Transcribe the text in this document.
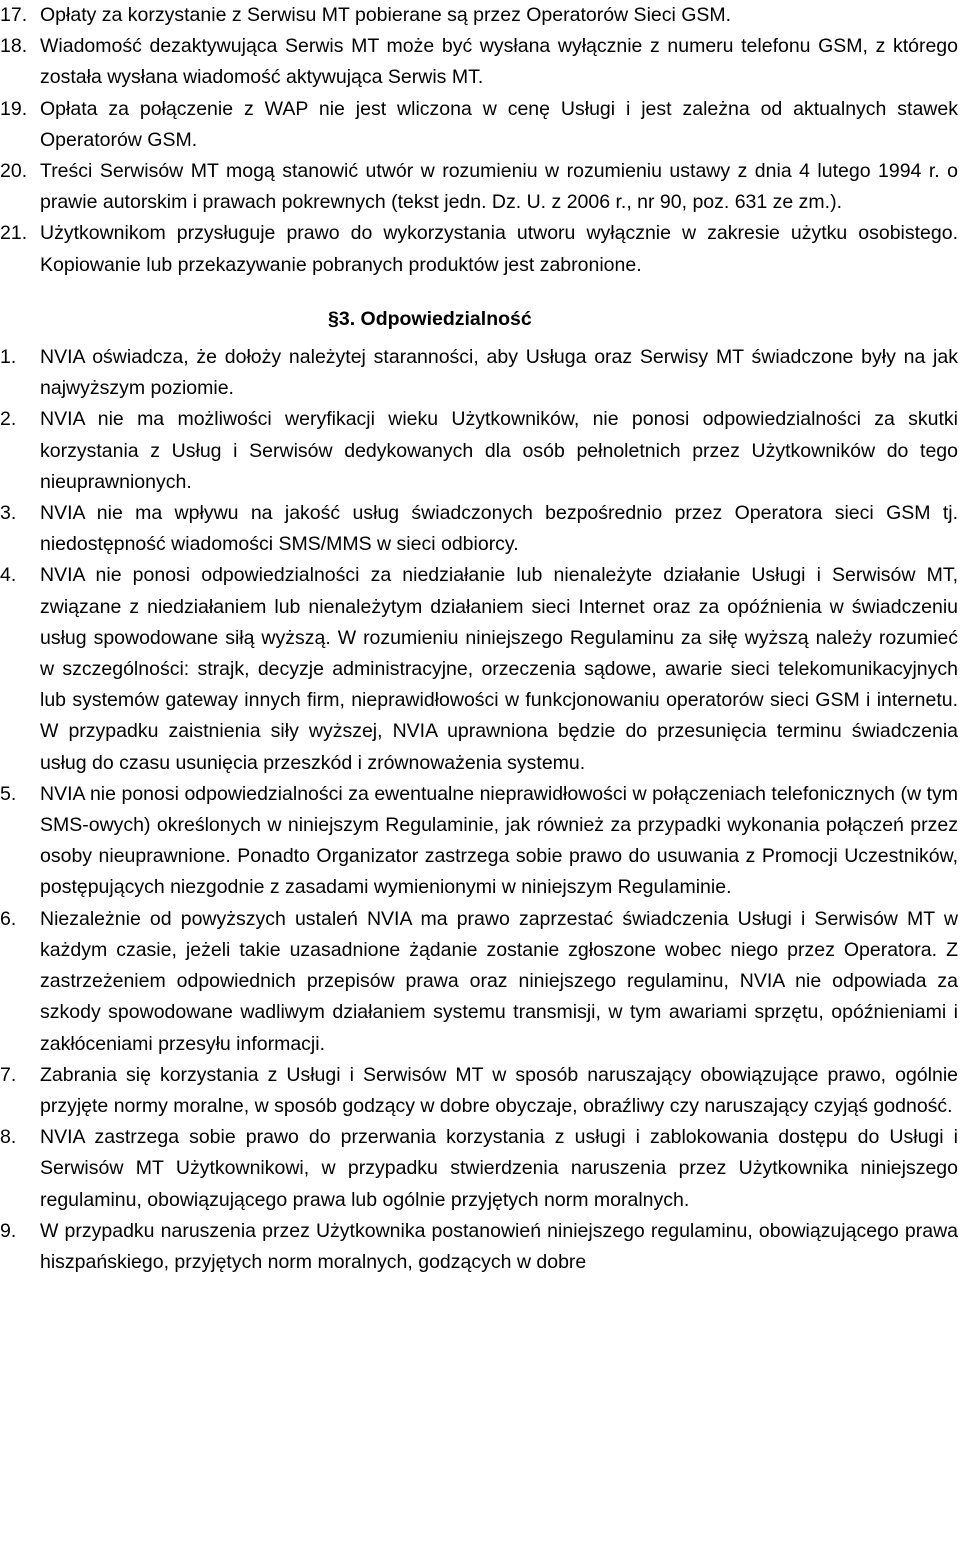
17. Opłaty za korzystanie z Serwisu MT pobierane są przez Operatorów Sieci GSM.
18. Wiadomość dezaktywująca Serwis MT może być wysłana wyłącznie z numeru telefonu GSM, z którego została wysłana wiadomość aktywująca Serwis MT.
19. Opłata za połączenie z WAP nie jest wliczona w cenę Usługi i jest zależna od aktualnych stawek Operatorów GSM.
20. Treści Serwisów MT mogą stanowić utwór w rozumieniu w rozumieniu ustawy z dnia 4 lutego 1994 r. o prawie autorskim i prawach pokrewnych (tekst jedn. Dz. U. z 2006 r., nr 90, poz. 631 ze zm.).
21. Użytkownikom przysługuje prawo do wykorzystania utworu wyłącznie w zakresie użytku osobistego. Kopiowanie lub przekazywanie pobranych produktów jest zabronione.
§3. Odpowiedzialność
1. NVIA oświadcza, że dołoży należytej staranności, aby Usługa oraz Serwisy MT świadczone były na jak najwyższym poziomie.
2. NVIA nie ma możliwości weryfikacji wieku Użytkowników, nie ponosi odpowiedzialności za skutki korzystania z Usług i Serwisów dedykowanych dla osób pełnoletnich przez Użytkowników do tego nieuprawnionych.
3. NVIA nie ma wpływu na jakość usług świadczonych bezpośrednio przez Operatora sieci GSM tj. niedostępność wiadomości SMS/MMS w sieci odbiorcy.
4. NVIA nie ponosi odpowiedzialności za niedziałanie lub nienależyte działanie Usługi i Serwisów MT, związane z niedziałaniem lub nienależytym działaniem sieci Internet oraz za opóźnienia w świadczeniu usług spowodowane siłą wyższą. W rozumieniu niniejszego Regulaminu za siłę wyższą należy rozumieć w szczególności: strajk, decyzje administracyjne, orzeczenia sądowe, awarie sieci telekomunikacyjnych lub systemów gateway innych firm, nieprawidłowości w funkcjonowaniu operatorów sieci GSM i internetu. W przypadku zaistnienia siły wyższej, NVIA uprawniona będzie do przesunięcia terminu świadczenia usług do czasu usunięcia przeszkód i zrównoważenia systemu.
5. NVIA nie ponosi odpowiedzialności za ewentualne nieprawidłowości w połączeniach telefonicznych (w tym SMS-owych) określonych w niniejszym Regulaminie, jak również za przypadki wykonania połączeń przez osoby nieuprawnione. Ponadto Organizator zastrzega sobie prawo do usuwania z Promocji Uczestników, postępujących niezgodnie z zasadami wymienionymi w niniejszym Regulaminie.
6. Niezależnie od powyższych ustaleń NVIA ma prawo zaprzestać świadczenia Usługi i Serwisów MT w każdym czasie, jeżeli takie uzasadnione żądanie zostanie zgłoszone wobec niego przez Operatora. Z zastrzeżeniem odpowiednich przepisów prawa oraz niniejszego regulaminu, NVIA nie odpowiada za szkody spowodowane wadliwym działaniem systemu transmisji, w tym awariami sprzętu, opóźnieniami i zakłóceniami przesyłu informacji.
7. Zabrania się korzystania z Usługi i Serwisów MT w sposób naruszający obowiązujące prawo, ogólnie przyjęte normy moralne, w sposób godzący w dobre obyczaje, obraźliwy czy naruszający czyjąś godność.
8. NVIA zastrzega sobie prawo do przerwania korzystania z usługi i zablokowania dostępu do Usługi i Serwisów MT Użytkownikowi, w przypadku stwierdzenia naruszenia przez Użytkownika niniejszego regulaminu, obowiązującego prawa lub ogólnie przyjętych norm moralnych.
9. W przypadku naruszenia przez Użytkownika postanowień niniejszego regulaminu, obowiązującego prawa hiszpańskiego, przyjętych norm moralnych, godzących w dobre
